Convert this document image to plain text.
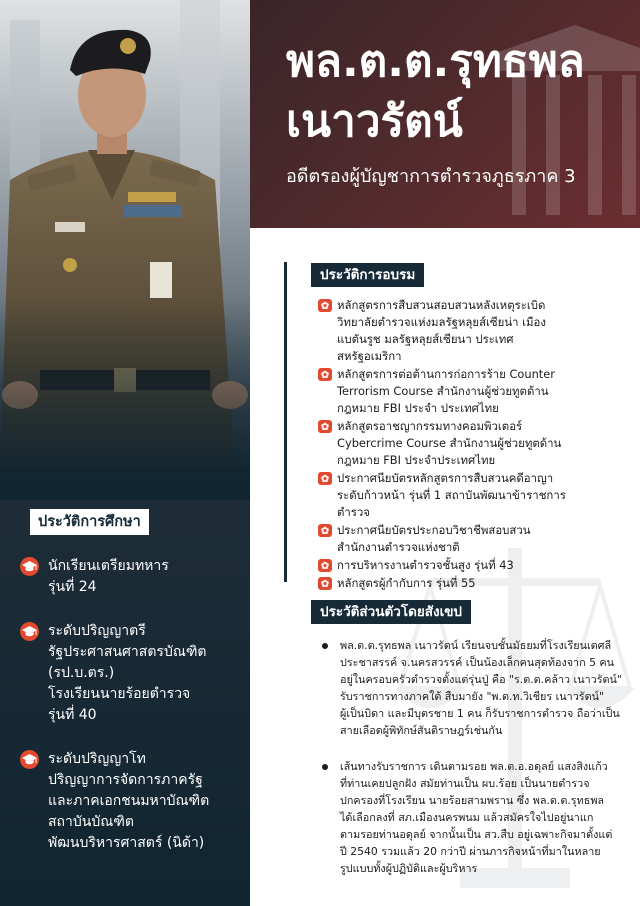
ประวัติการศึกษา
นักเรียนเตรียมทหาร
รุ่นที่ 24
ระดับปริญญาตรี
รัฐประศาสนศาสตรบัณฑิต
(รป.บ.ตร.)
โรงเรียนนายร้อยตำรวจ
รุ่นที่ 40
ระดับปริญญาโท
ปริญญาการจัดการภาครัฐ
และภาคเอกชนมหาบัณฑิต
สถาบันบัณฑิต
พัฒนบริหารศาสตร์ (นิด้า)
พล.ต.ต.รุทธพล
เนาวรัตน์
อดีตรองผู้บัญชาการตำรวจภูธรภาค 3
ประวัติการอบรม
หลักสูตรการสืบสวนสอบสวนหลังเหตุระเบิด
วิทยาลัยตำรวจแห่งมลรัฐหลุยส์เซียน่า เมือง
แบตันรูช มลรัฐหลุยส์เซียนา ประเทศ
สหรัฐอเมริกา
หลักสูตรการต่อต้านการก่อการร้าย Counter
Terrorism Course สำนักงานผู้ช่วยทูตด้าน
กฎหมาย FBI ประจำ ประเทศไทย
หลักสูตรอาชญากรรมทางคอมพิวเตอร์
Cybercrime Course สำนักงานผู้ช่วยทูตด้าน
กฎหมาย FBI ประจำประเทศไทย
ประกาศนียบัตรหลักสูตรการสืบสวนคดีอาญา
ระดับก้าวหน้า รุ่นที่ 1 สถาบันพัฒนาข้าราชการ
ตำรวจ
ประกาศนียบัตรประกอบวิชาชีพสอบสวน
สำนักงานตำรวจแห่งชาติ
การบริหารงานตำรวจชั้นสูง รุ่นที่ 43
หลักสูตรผู้กำกับการ รุ่นที่ 55
ประวัติส่วนตัวโดยสังเขป
พล.ต.ต.รุทธพล เนาวรัตน์ เรียนจบชั้นมัธยมที่โรงเรียนเตศลี
ประชาสรรค์ จ.นครสวรรค์ เป็นน้องเล็กคนสุดท้องจาก 5 คน
อยู่ในครอบครัวตำรวจตั้งแต่รุ่นปู่ คือ "ร.ต.ต.คล้าว เนาวรัตน์"
รับราชการทางภาคใต้ สืบมายัง "พ.ต.ท.วิเชียร เนาวรัตน์"
ผู้เป็นบิดา และมีบุตรชาย 1 คน ก็รับราชการตำรวจ ถือว่าเป็น
สายเลือดผู้พิทักษ์สันติราษฎร์เช่นกัน
เส้นทางรับราชการ เดินตามรอย พล.ต.อ.อดุลย์ แสงสิงแก้ว
ที่ท่านเคยปลูกฝัง สมัยท่านเป็น ผบ.ร้อย เป็นนายตำรวจ
ปกครองที่โรงเรียน นายร้อยสามพราน ซึ่ง พล.ต.ต.รุทธพล
ได้เลือกลงที่ สภ.เมืองนครพนม แล้วสมัครใจไปอยู่นาแก
ตามรอยท่านอดุลย์ จากนั้นเป็น สว.สืบ อยู่เฉพาะกิจมาตั้งแต่
ปี 2540 รวมแล้ว 20 กว่าปี ผ่านภารกิจหน้าที่มาในหลาย
รูปแบบทั้งผู้ปฏิบัติและผู้บริหาร
